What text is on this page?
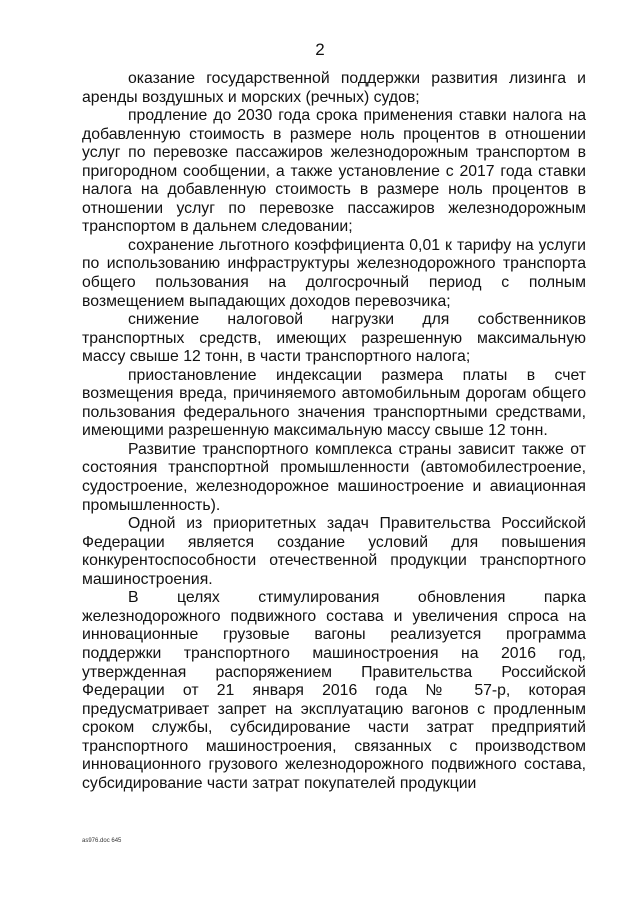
2

оказание государственной поддержки развития лизинга и аренды воздушных и морских (речных) судов;

продление до 2030 года срока применения ставки налога на добавленную стоимость в размере ноль процентов в отношении услуг по перевозке пассажиров железнодорожным транспортом в пригородном сообщении, а также установление с 2017 года ставки налога на добавленную стоимость в размере ноль процентов в отношении услуг по перевозке пассажиров железнодорожным транспортом в дальнем следовании;

сохранение льготного коэффициента 0,01 к тарифу на услуги по использованию инфраструктуры железнодорожного транспорта общего пользования на долгосрочный период с полным возмещением выпадающих доходов перевозчика;

снижение налоговой нагрузки для собственников транспортных средств, имеющих разрешенную максимальную массу свыше 12 тонн, в части транспортного налога;

приостановление индексации размера платы в счет возмещения вреда, причиняемого автомобильным дорогам общего пользования федерального значения транспортными средствами, имеющими разрешенную максимальную массу свыше 12 тонн.

Развитие транспортного комплекса страны зависит также от состояния транспортной промышленности (автомобилестроение, судостроение, железнодорожное машиностроение и авиационная промышленность).

Одной из приоритетных задач Правительства Российской Федерации является создание условий для повышения конкурентоспособности отечественной продукции транспортного машиностроения.

В целях стимулирования обновления парка железнодорожного подвижного состава и увеличения спроса на инновационные грузовые вагоны реализуется программа поддержки транспортного машиностроения на 2016 год, утвержденная распоряжением Правительства Российской Федерации от 21 января 2016 года № 57-р, которая предусматривает запрет на эксплуатацию вагонов с продленным сроком службы, субсидирование части затрат предприятий транспортного машиностроения, связанных с производством инновационного грузового железнодорожного подвижного состава, субсидирование части затрат покупателей продукции

as976.doc 645
